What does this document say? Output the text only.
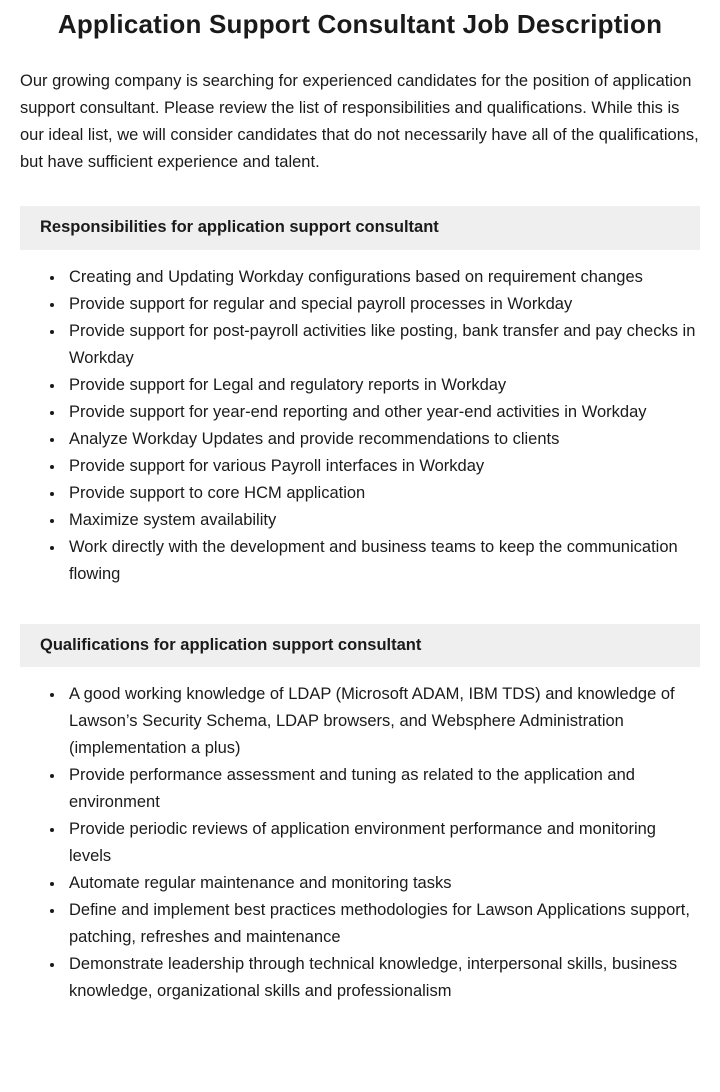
Application Support Consultant Job Description

Our growing company is searching for experienced candidates for the position of application support consultant. Please review the list of responsibilities and qualifications. While this is our ideal list, we will consider candidates that do not necessarily have all of the qualifications, but have sufficient experience and talent.

Responsibilities for application support consultant
• Creating and Updating Workday configurations based on requirement changes
• Provide support for regular and special payroll processes in Workday
• Provide support for post-payroll activities like posting, bank transfer and pay checks in Workday
• Provide support for Legal and regulatory reports in Workday
• Provide support for year-end reporting and other year-end activities in Workday
• Analyze Workday Updates and provide recommendations to clients
• Provide support for various Payroll interfaces in Workday
• Provide support to core HCM application
• Maximize system availability
• Work directly with the development and business teams to keep the communication flowing
Qualifications for application support consultant
• A good working knowledge of LDAP (Microsoft ADAM, IBM TDS) and knowledge of Lawson’s Security Schema, LDAP browsers, and Websphere Administration (implementation a plus)
• Provide performance assessment and tuning as related to the application and environment
• Provide periodic reviews of application environment performance and monitoring levels
• Automate regular maintenance and monitoring tasks
• Define and implement best practices methodologies for Lawson Applications support, patching, refreshes and maintenance
• Demonstrate leadership through technical knowledge, interpersonal skills, business knowledge, organizational skills and professionalism
